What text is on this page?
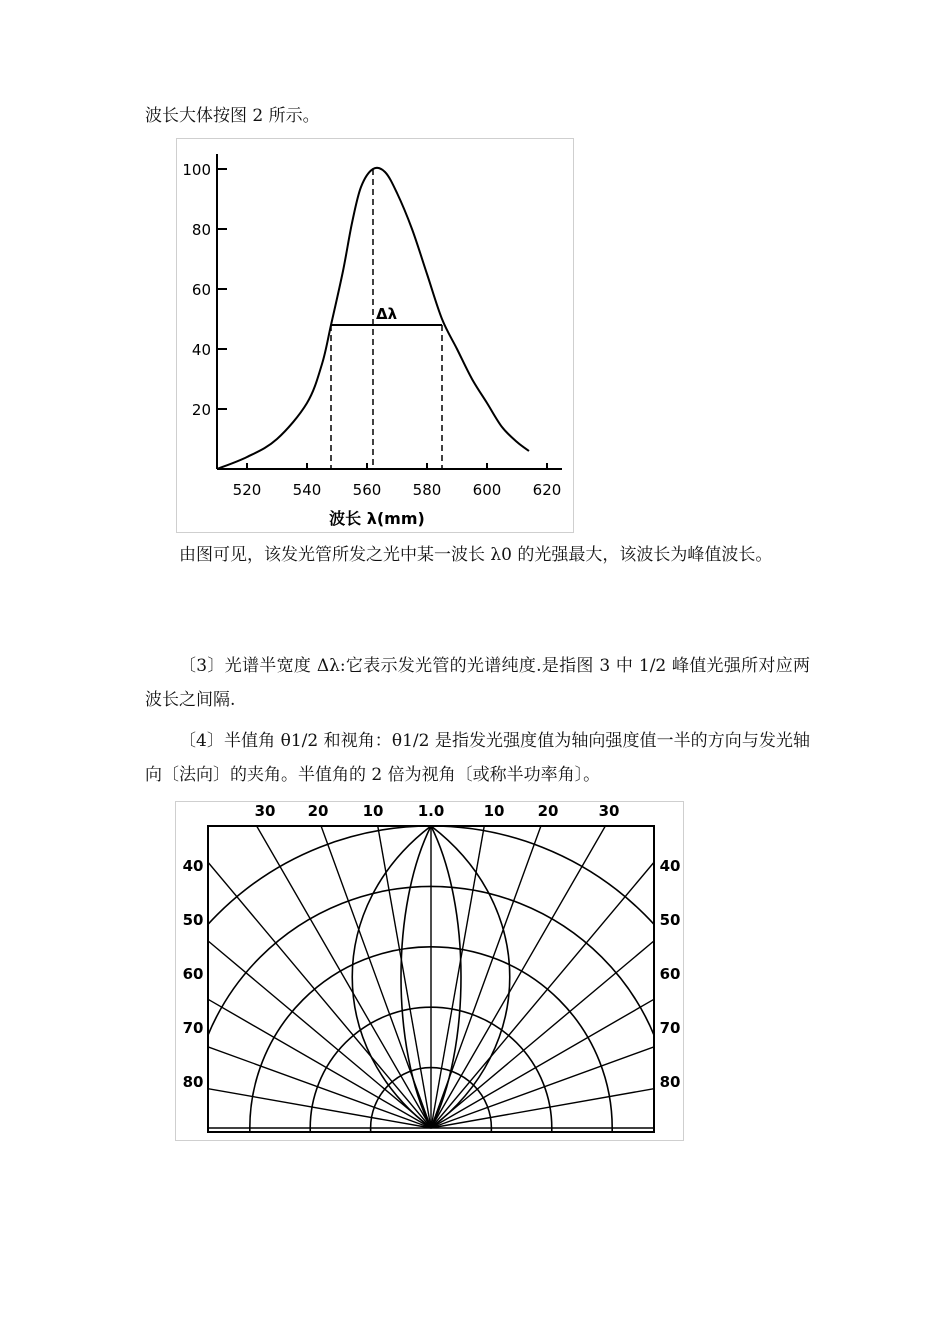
波长大体按图 2 所示。

20
40
60
80
100
520 540 560 580 600 620
Δλ
波长 λ(mm)

由图可见，该发光管所发之光中某一波长 λ0 的光强最大，该波长为峰值波长。

〔3〕光谱半宽度 Δλ:它表示发光管的光谱纯度.是指图 3 中 1/2 峰值光强所对应两波长之间隔.

〔4〕半值角 θ1/2 和视角：θ1/2 是指发光强度值为轴向强度值一半的方向与发光轴向〔法向〕的夹角。半值角的 2 倍为视角〔或称半功率角〕。

30 20 10 1.0	10 20	30
40
50
60
70
80
40
50
60
70
80
